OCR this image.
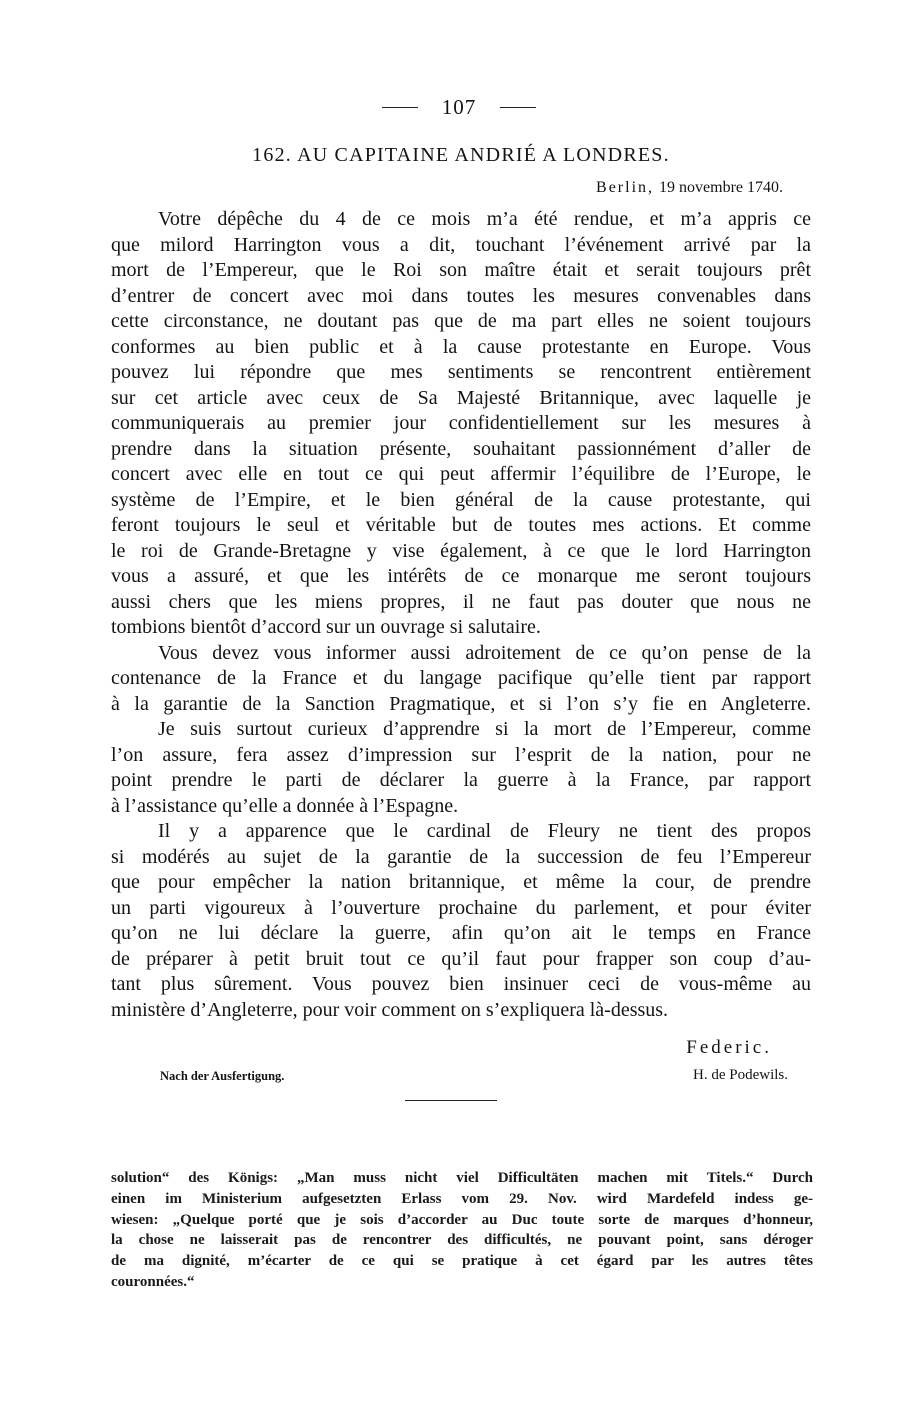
107
162. AU CAPITAINE ANDRIÉ A LONDRES.
Berlin, 19 novembre 1740.
Votre dépêche du 4 de ce mois m’a été rendue, et m’a appris ce
que milord Harrington vous a dit, touchant l’événement arrivé par la
mort de l’Empereur, que le Roi son maître était et serait toujours prêt
d’entrer de concert avec moi dans toutes les mesures convenables dans
cette circonstance, ne doutant pas que de ma part elles ne soient toujours
conformes au bien public et à la cause protestante en Europe. Vous
pouvez lui répondre que mes sentiments se rencontrent entièrement
sur cet article avec ceux de Sa Majesté Britannique, avec laquelle je
communiquerais au premier jour confidentiellement sur les mesures à
prendre dans la situation présente, souhaitant passionnément d’aller de
concert avec elle en tout ce qui peut affermir l’équilibre de l’Europe, le
système de l’Empire, et le bien général de la cause protestante, qui
feront toujours le seul et véritable but de toutes mes actions. Et comme
le roi de Grande-Bretagne y vise également, à ce que le lord Harrington
vous a assuré, et que les intérêts de ce monarque me seront toujours
aussi chers que les miens propres, il ne faut pas douter que nous ne
tombions bientôt d’accord sur un ouvrage si salutaire.
Vous devez vous informer aussi adroitement de ce qu’on pense de la
contenance de la France et du langage pacifique qu’elle tient par rapport
à la garantie de la Sanction Pragmatique, et si l’on s’y fie en Angleterre.
Je suis surtout curieux d’apprendre si la mort de l’Empereur, comme
l’on assure, fera assez d’impression sur l’esprit de la nation, pour ne
point prendre le parti de déclarer la guerre à la France, par rapport
à l’assistance qu’elle a donnée à l’Espagne.
Il y a apparence que le cardinal de Fleury ne tient des propos
si modérés au sujet de la garantie de la succession de feu l’Empereur
que pour empêcher la nation britannique, et même la cour, de prendre
un parti vigoureux à l’ouverture prochaine du parlement, et pour éviter
qu’on ne lui déclare la guerre, afin qu’on ait le temps en France
de préparer à petit bruit tout ce qu’il faut pour frapper son coup d’au-
tant plus sûrement. Vous pouvez bien insinuer ceci de vous-même au
ministère d’Angleterre, pour voir comment on s’expliquera là-dessus.
Federic.
Nach der Ausfertigung.	H. de Podewils.
solution“ des Königs: „Man muss nicht viel Difficultäten machen mit Titels.“ Durch
einen im Ministerium aufgesetzten Erlass vom 29. Nov. wird Mardefeld indess ge-
wiesen: „Quelque porté que je sois d’accorder au Duc toute sorte de marques d’honneur,
la chose ne laisserait pas de rencontrer des difficultés, ne pouvant point, sans déroger
de ma dignité, m’écarter de ce qui se pratique à cet égard par les autres têtes
couronnées.“
